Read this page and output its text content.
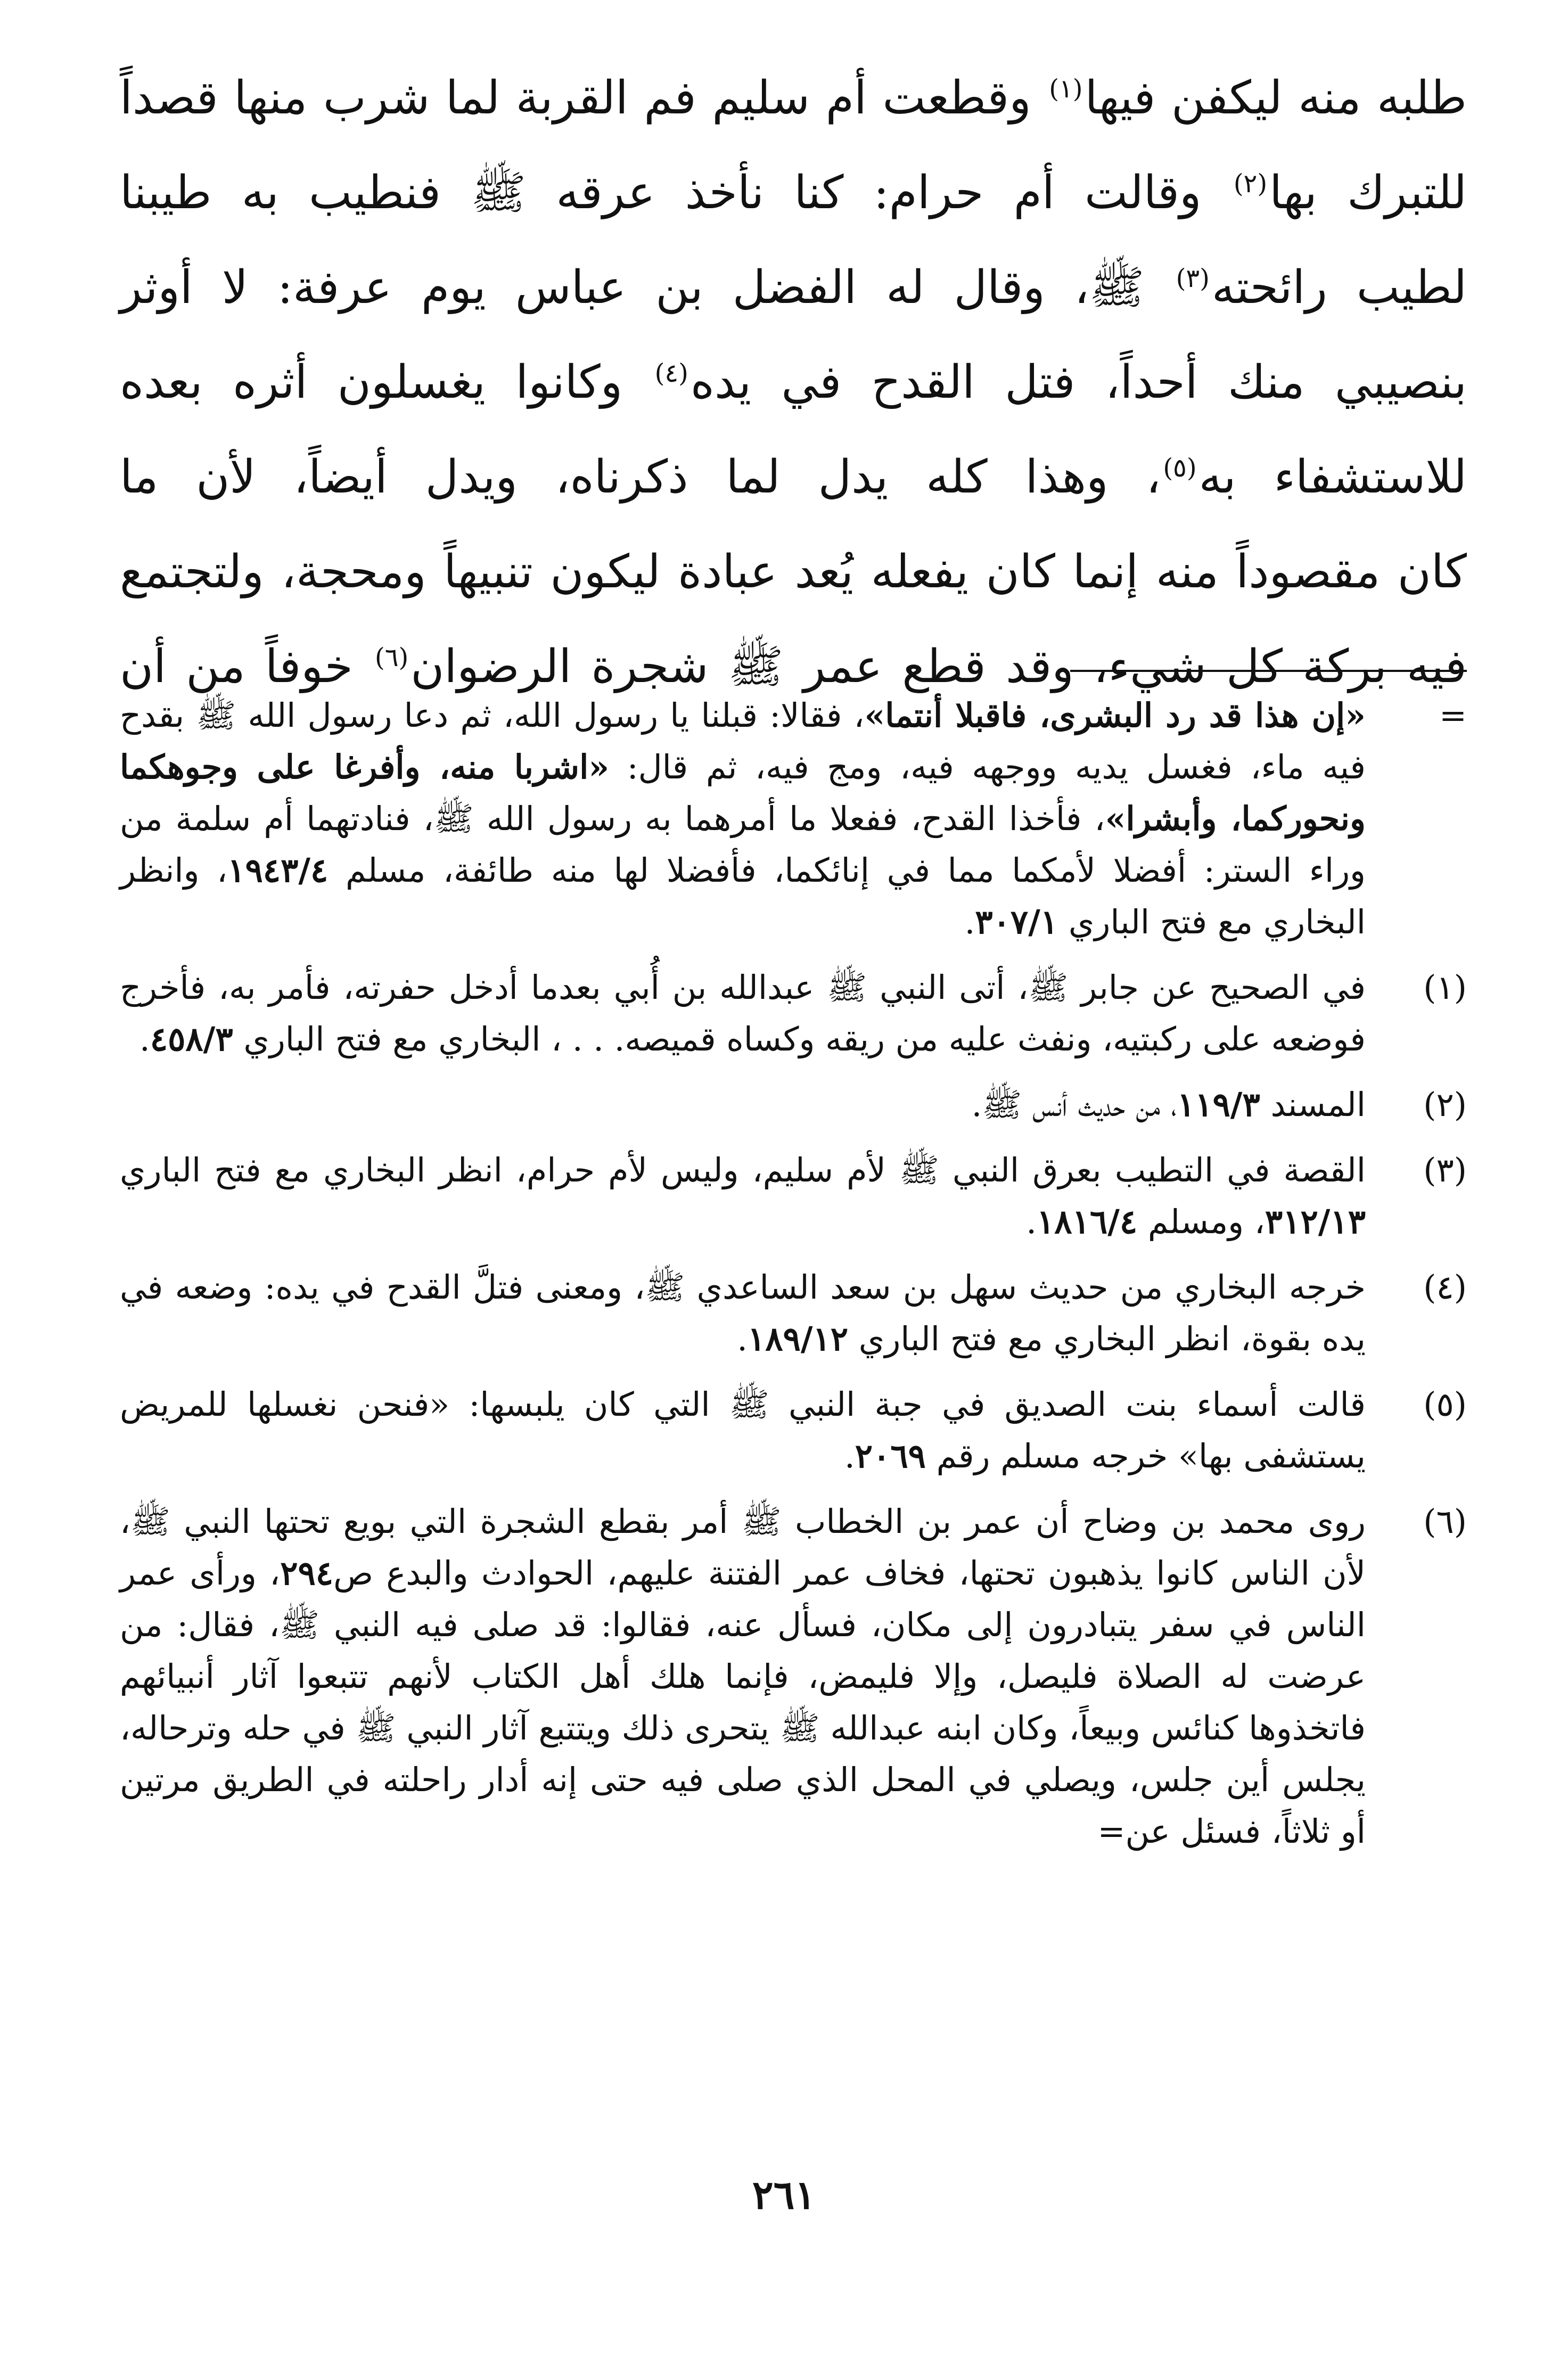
طلبه منه ليكفن فيها$^{(١)}$ وقطعت أم سليم فم القربة لما شرب منها قصداً

للتبرك بها$^{(٢)}$ وقالت أم حرام: كنا نأخذ عرقه ﷺ فنطيب به طيبنا

لطيب رائحته$^{(٣)}$ ﷺ، وقال له الفضل بن عباس يوم عرفة: لا أوثر

بنصيبي منك أحداً، فتل القدح في يده$^{(٤)}$ وكانوا يغسلون أثره بعده

للاستشفاء به$^{(٥)}$، وهذا كله يدل لما ذكرناه، ويدل أيضاً، لأن ما

كان مقصوداً منه إنما كان يفعله يُعد عبادة ليكون تنبيهاً ومحجة، ولتجتمع

فيه بركة كل شيء، وقد قطع عمر ﷺ شجرة الرضوان$^{(٦)}$ خوفاً من أن

=
«إن هذا قد رد البشرى، فاقبلا أنتما»، فقالا: قبلنا يا رسول الله، ثم دعا رسول الله ﷺ بقدح فيه ماء، فغسل يديه ووجهه فيه، ومج فيه، ثم قال: «اشربا منه، وأفرغا على وجوهكما ونحوركما، وأبشرا»، فأخذا القدح، ففعلا ما أمرهما به رسول الله ﷺ، فنادتهما أم سلمة من وراء الستر: أفضلا لأمكما مما في إنائكما، فأفضلا لها منه طائفة، مسلم ١٩٤٣/٤، وانظر البخاري مع فتح الباري ٣٠٧/١.
(١)
في الصحيح عن جابر ﷺ، أتى النبي ﷺ عبدالله بن أُبي بعدما أدخل حفرته، فأمر به، فأخرج فوضعه على ركبتيه، ونفث عليه من ريقه وكساه قميصه. . . ، البخاري مع فتح الباري ٤٥٨/٣.
(٢)
المسند ١١٩/٣، من حديث أنس ﷺ.
(٣)
القصة في التطيب بعرق النبي ﷺ لأم سليم، وليس لأم حرام، انظر البخاري مع فتح الباري ٣١٢/١٣، ومسلم ١٨١٦/٤.
(٤)
خرجه البخاري من حديث سهل بن سعد الساعدي ﷺ، ومعنى فتلَّ القدح في يده: وضعه في يده بقوة، انظر البخاري مع فتح الباري ١٨٩/١٢.
(٥)
قالت أسماء بنت الصديق في جبة النبي ﷺ التي كان يلبسها: «فنحن نغسلها للمريض يستشفى بها» خرجه مسلم رقم ٢٠٦٩.
(٦)
روى محمد بن وضاح أن عمر بن الخطاب ﷺ أمر بقطع الشجرة التي بويع تحتها النبي ﷺ، لأن الناس كانوا يذهبون تحتها، فخاف عمر الفتنة عليهم، الحوادث والبدع ص٢٩٤، ورأى عمر الناس في سفر يتبادرون إلى مكان، فسأل عنه، فقالوا: قد صلى فيه النبي ﷺ، فقال: من عرضت له الصلاة فليصل، وإلا فليمض، فإنما هلك أهل الكتاب لأنهم تتبعوا آثار أنبيائهم فاتخذوها كنائس وبيعاً، وكان ابنه عبدالله ﷺ يتحرى ذلك ويتتبع آثار النبي ﷺ في حله وترحاله، يجلس أين جلس، ويصلي في المحل الذي صلى فيه حتى إنه أدار راحلته في الطريق مرتين أو ثلاثاً، فسئل عن=
٢٦١
